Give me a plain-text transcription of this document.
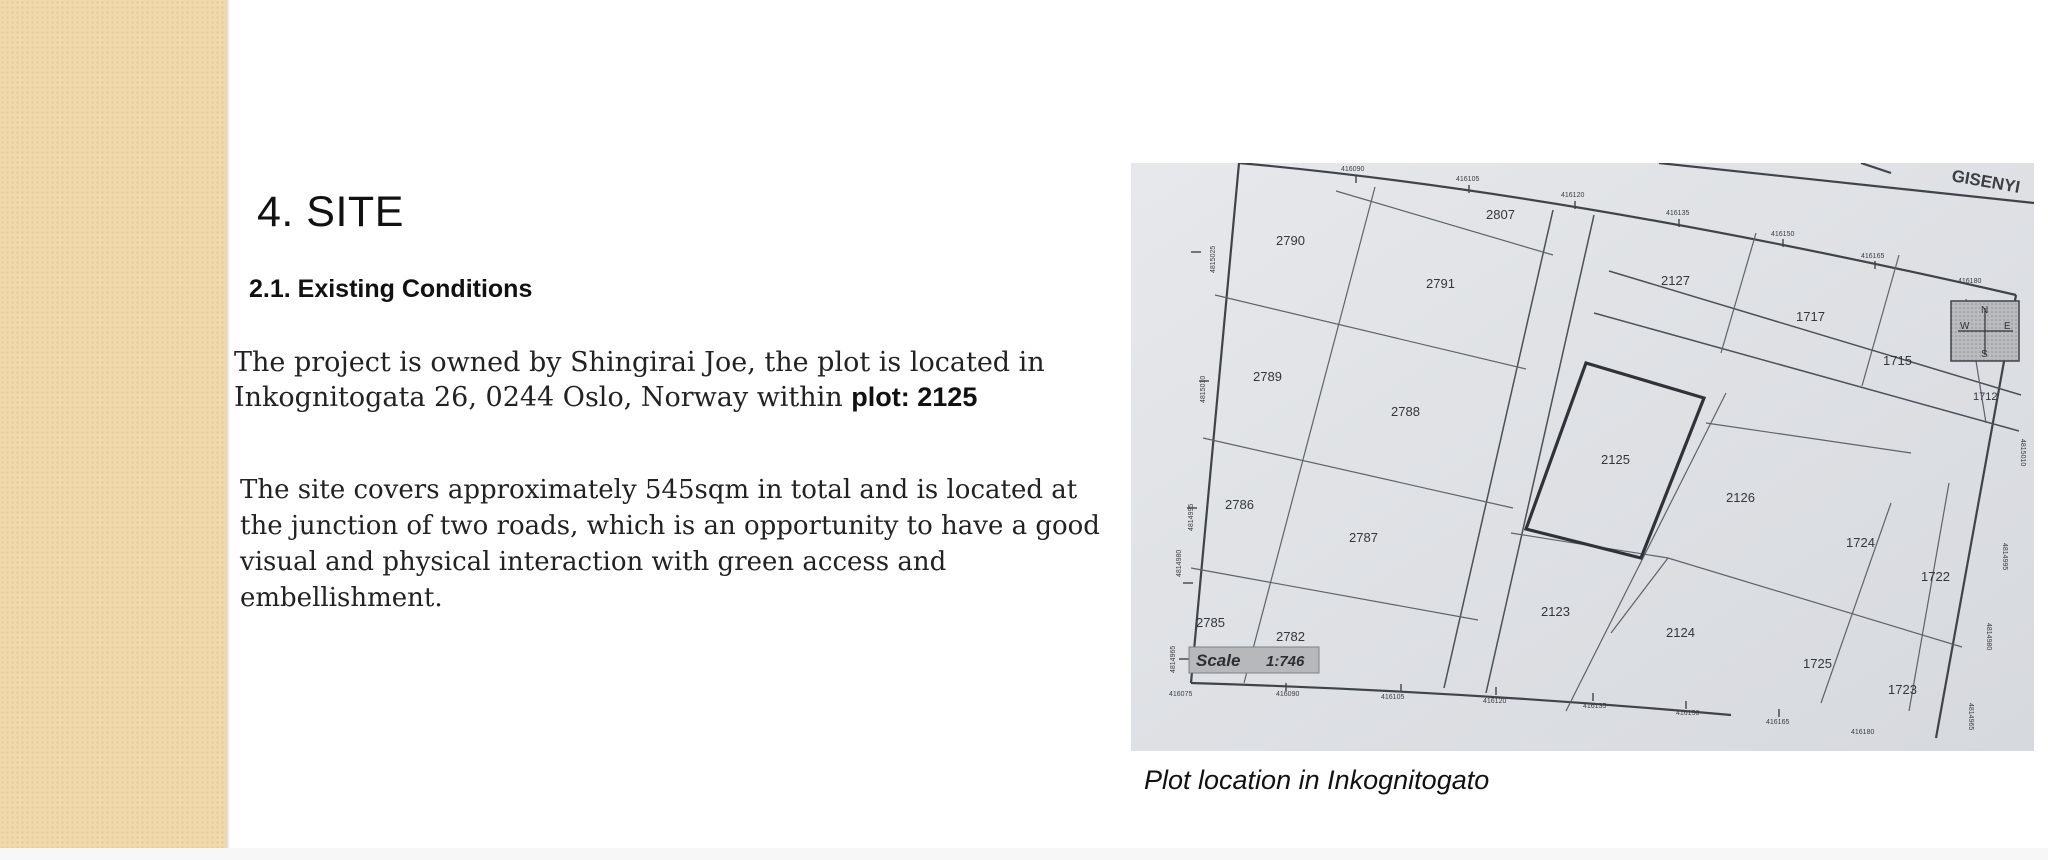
4. SITE
2.1. Existing Conditions
The project is owned by Shingirai Joe, the plot is located in Inkognitogata 26, 0244 Oslo, Norway within plot: 2125
The site covers approximately 545sqm in total and is located at the junction of two roads, which is an opportunity to have a good visual and physical interaction with green access and embellishment.
GISENYI
2790
2807
2791	2127
1717
1715
1712
2789
2788
2125
2126
1724
2786
2787
1722
2785
2782
2123
2124
1725
1723
416090
416105
416120
416135
416150
416165
416180
416075	416090	416105
416120
416135
416150
416165
416180
4815025
4815010
4814995
4814980
4814965
4815010
4814995
4814980
4814965
N
W	E
S
Scale 1:746
Plot location in Inkognitogato
